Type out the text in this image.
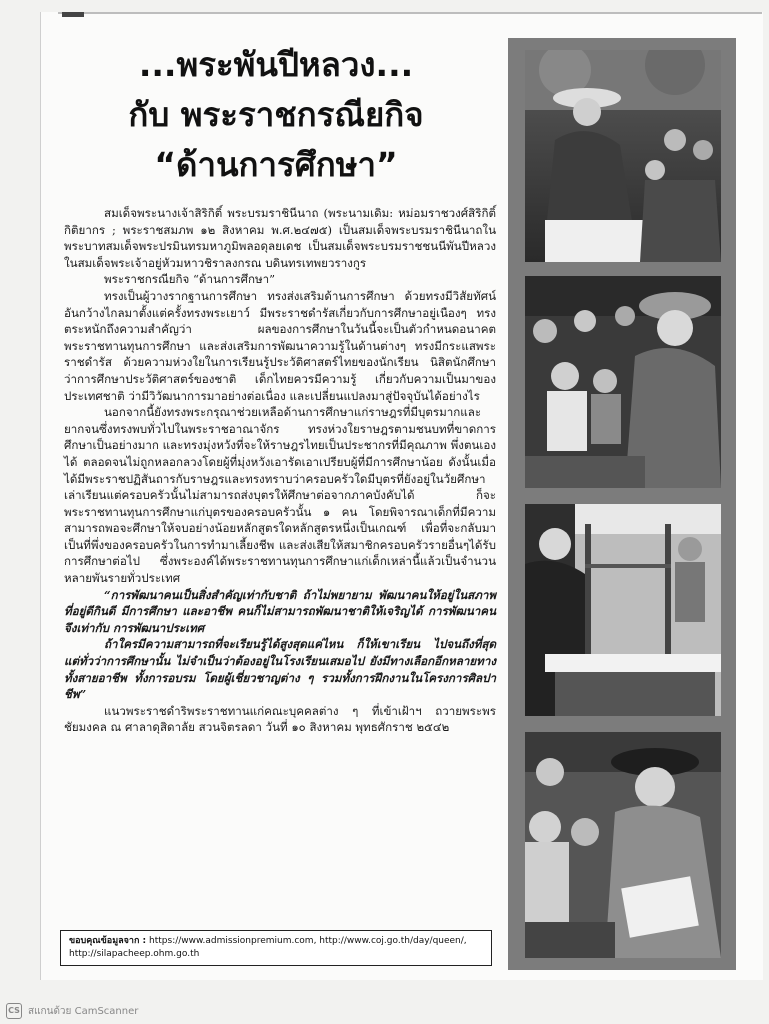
...พระพันปีหลวง...
กับ พระราชกรณียกิจ
“ด้านการศึกษา”

สมเด็จพระนางเจ้าสิริกิติ์ พระบรมราชินีนาถ (พระนามเดิม: หม่อมราชวงศ์สิริกิติ์ กิติยากร ; พระราชสมภพ ๑๒ สิงหาคม พ.ศ.๒๔๗๕) เป็นสมเด็จพระบรมราชินีนาถในพระบาทสมเด็จพระปรมินทรมหาภูมิพลอดุลยเดช เป็นสมเด็จพระบรมราชชนนีพันปีหลวงในสมเด็จพระเจ้าอยู่หัวมหาวชิราลงกรณ บดินทรเทพยวรางกูร

พระราชกรณียกิจ “ด้านการศึกษา”

ทรงเป็นผู้วางรากฐานการศึกษา ทรงส่งเสริมด้านการศึกษา ด้วยทรงมีวิสัยทัศน์อันกว้างไกลมาตั้งแต่ครั้งทรงพระเยาว์ มีพระราชดำรัสเกี่ยวกับการศึกษาอยู่เนืองๆ ทรงตระหนักถึงความสำคัญว่า ผลของการศึกษาในวันนี้จะเป็นตัวกำหนดอนาคต พระราชทานทุนการศึกษา และส่งเสริมการพัฒนาความรู้ในด้านต่างๆ ทรงมีกระแสพระราชดำรัส ด้วยความห่วงใยในการเรียนรู้ประวัติศาสตร์ไทยของนักเรียน นิสิตนักศึกษา ว่าการศึกษาประวัติศาสตร์ของชาติ เด็กไทยควรมีความรู้ เกี่ยวกับความเป็นมาของประเทศชาติ ว่ามีวิวัฒนาการมาอย่างต่อเนื่อง และเปลี่ยนแปลงมาสู่ปัจจุบันได้อย่างไร

นอกจากนี้ยังทรงพระกรุณาช่วยเหลือด้านการศึกษาแก่ราษฎรที่มีบุตรมากและยากจนซึ่งทรงพบทั่วไปในพระราชอาณาจักร ทรงห่วงใยราษฎรตามชนบทที่ขาดการศึกษาเป็นอย่างมาก และทรงมุ่งหวังที่จะให้ราษฎรไทยเป็นประชากรที่มีคุณภาพ พึ่งตนเองได้ ตลอดจนไม่ถูกหลอกลวงโดยผู้ที่มุ่งหวังเอารัดเอาเปรียบผู้ที่มีการศึกษาน้อย ดังนั้นเมื่อได้มีพระราชปฏิสันถารกับราษฎรและทรงทราบว่าครอบครัวใดมีบุตรที่ยังอยู่ในวัยศึกษาเล่าเรียนแต่ครอบครัวนั้นไม่สามารถส่งบุตรให้ศึกษาต่อจากภาคบังคับได้ ก็จะพระราชทานทุนการศึกษาแก่บุตรของครอบครัวนั้น ๑ คน โดยพิจารณาเด็กที่มีความสามารถพอจะศึกษาให้จบอย่างน้อยหลักสูตรใดหลักสูตรหนึ่งเป็นเกณฑ์ เพื่อที่จะกลับมาเป็นที่พึ่งของครอบครัวในการทำมาเลี้ยงชีพ และส่งเสียให้สมาชิกครอบครัวรายอื่นๆได้รับการศึกษาต่อไป ซึ่งพระองค์ได้พระราชทานทุนการศึกษาแก่เด็กเหล่านี้แล้วเป็นจำนวนหลายพันรายทั่วประเทศ

“การพัฒนาคนเป็นสิ่งสำคัญเท่ากับชาติ ถ้าไม่พยายาม พัฒนาคนให้อยู่ในสภาพที่อยู่ดีกินดี มีการศึกษา และอาชีพ คนก็ไม่สามารถพัฒนาชาติให้เจริญได้ การพัฒนาคนจึงเท่ากับ การพัฒนาประเทศ

ถ้าใครมีความสามารถที่จะเรียนรู้ได้สูงสุดแค่ไหน ก็ให้เขาเรียน ไปจนถึงที่สุด แต่ทั่วว่าการศึกษานั้น ไม่จำเป็นว่าต้องอยู่ในโรงเรียนเสมอไป ยังมีทางเลือกอีกหลายทาง ทั้งสายอาชีพ ทั้งการอบรม โดยผู้เชี่ยวชาญต่าง ๆ รวมทั้งการฝึกงานในโครงการศิลปาชีพ”

แนวพระราชดำริพระราชทานแก่คณะบุคคลต่าง ๆ ที่เข้าเฝ้าฯ ถวายพระพรชัยมงคล ณ ศาลาดุสิดาลัย สวนจิตรลดา วันที่ ๑๐ สิงหาคม พุทธศักราช ๒๕๔๒

ขอบคุณข้อมูลจาก : https://www.admissionpremium.com, http://www.coj.go.th/day/queen/, http://silapacheep.ohm.go.th
CS สแกนด้วย CamScanner
